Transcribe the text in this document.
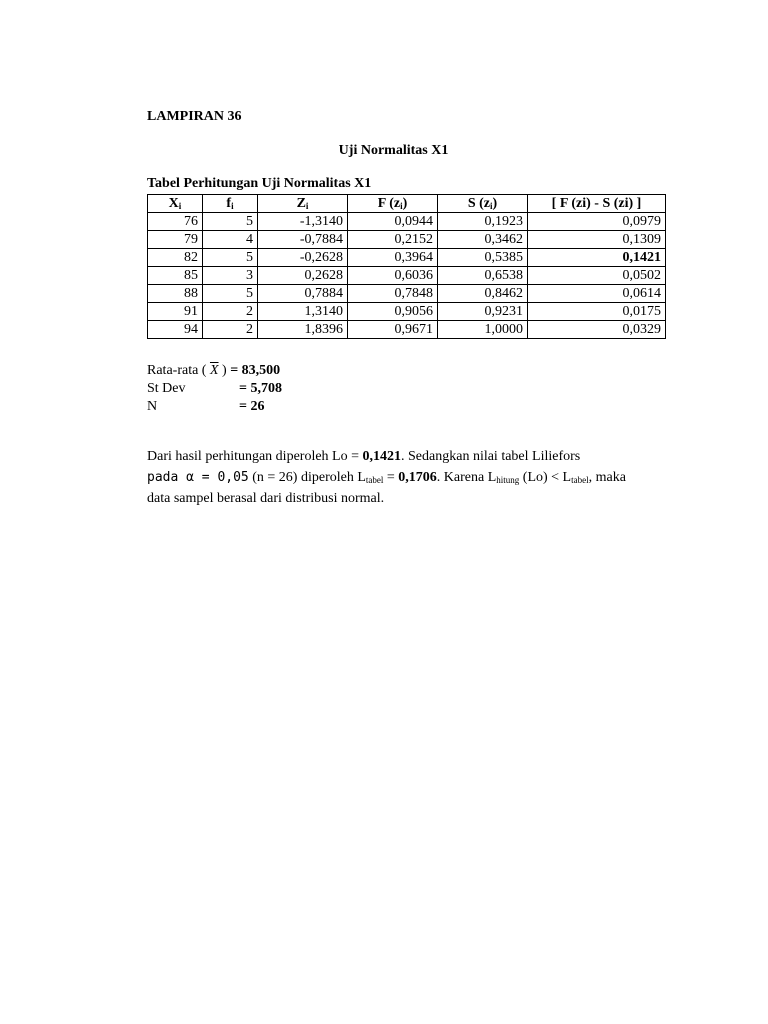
LAMPIRAN 36
Uji Normalitas X1
Tabel Perhitungan Uji Normalitas X1
$X_i$	$f_i$	$Z_i$	F $(z_i)$	S $(z_i)$	[ F (zi) - S (zi) ]
76	5	-1,3140	0,0944	0,1923	0,0979
79	4	-0,7884	0,2152	0,3462	0,1309
82	5	-0,2628	0,3964	0,5385	0,1421
85	3	0,2628	0,6036	0,6538	0,0502
88	5	0,7884	0,7848	0,8462	0,0614
91	2	1,3140	0,9056	0,9231	0,0175
94	2	1,8396	0,9671	1,0000	0,0329
Rata-rata ( $\overline{X}$ ) = 83,500
St Dev	= 5,708
N	= 26
Dari hasil perhitungan diperoleh Lo = 0,1421. Sedangkan nilai tabel Liliefors
pada α = 0,05 (n = 26) diperoleh $L_{tabel} = 0,1706$. Karena $L_{hitung}$ $(Lo) < L_{tabel}$, maka
data sampel berasal dari distribusi normal.
